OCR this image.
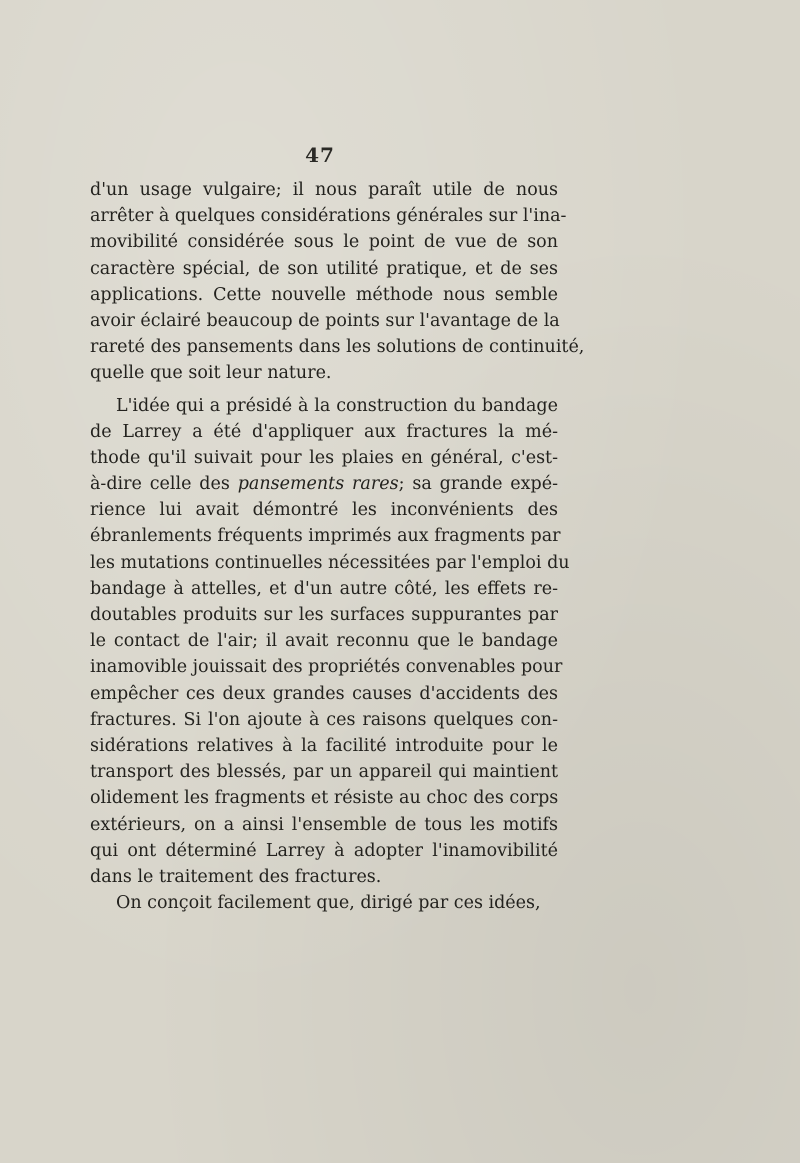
47
d'un usage vulgaire; il nous paraît utile de nous
arrêter à quelques considérations générales sur l'ina-
movibilité considérée sous le point de vue de son
caractère spécial, de son utilité pratique, et de ses
applications. Cette nouvelle méthode nous semble
avoir éclairé beaucoup de points sur l'avantage de la
rareté des pansements dans les solutions de continuité,
quelle que soit leur nature.
L'idée qui a présidé à la construction du bandage
de Larrey a été d'appliquer aux fractures la mé-
thode qu'il suivait pour les plaies en général, c'est-
à-dire celle des pansements rares; sa grande expé-
rience lui avait démontré les inconvénients des
ébranlements fréquents imprimés aux fragments par
les mutations continuelles nécessitées par l'emploi du
bandage à attelles, et d'un autre côté, les effets re-
doutables produits sur les surfaces suppurantes par
le contact de l'air; il avait reconnu que le bandage
inamovible jouissait des propriétés convenables pour
empêcher ces deux grandes causes d'accidents des
fractures. Si l'on ajoute à ces raisons quelques con-
sidérations relatives à la facilité introduite pour le
transport des blessés, par un appareil qui maintient
olidement les fragments et résiste au choc des corps
extérieurs, on a ainsi l'ensemble de tous les motifs
qui ont déterminé Larrey à adopter l'inamovibilité
dans le traitement des fractures.
On conçoit facilement que, dirigé par ces idées,
